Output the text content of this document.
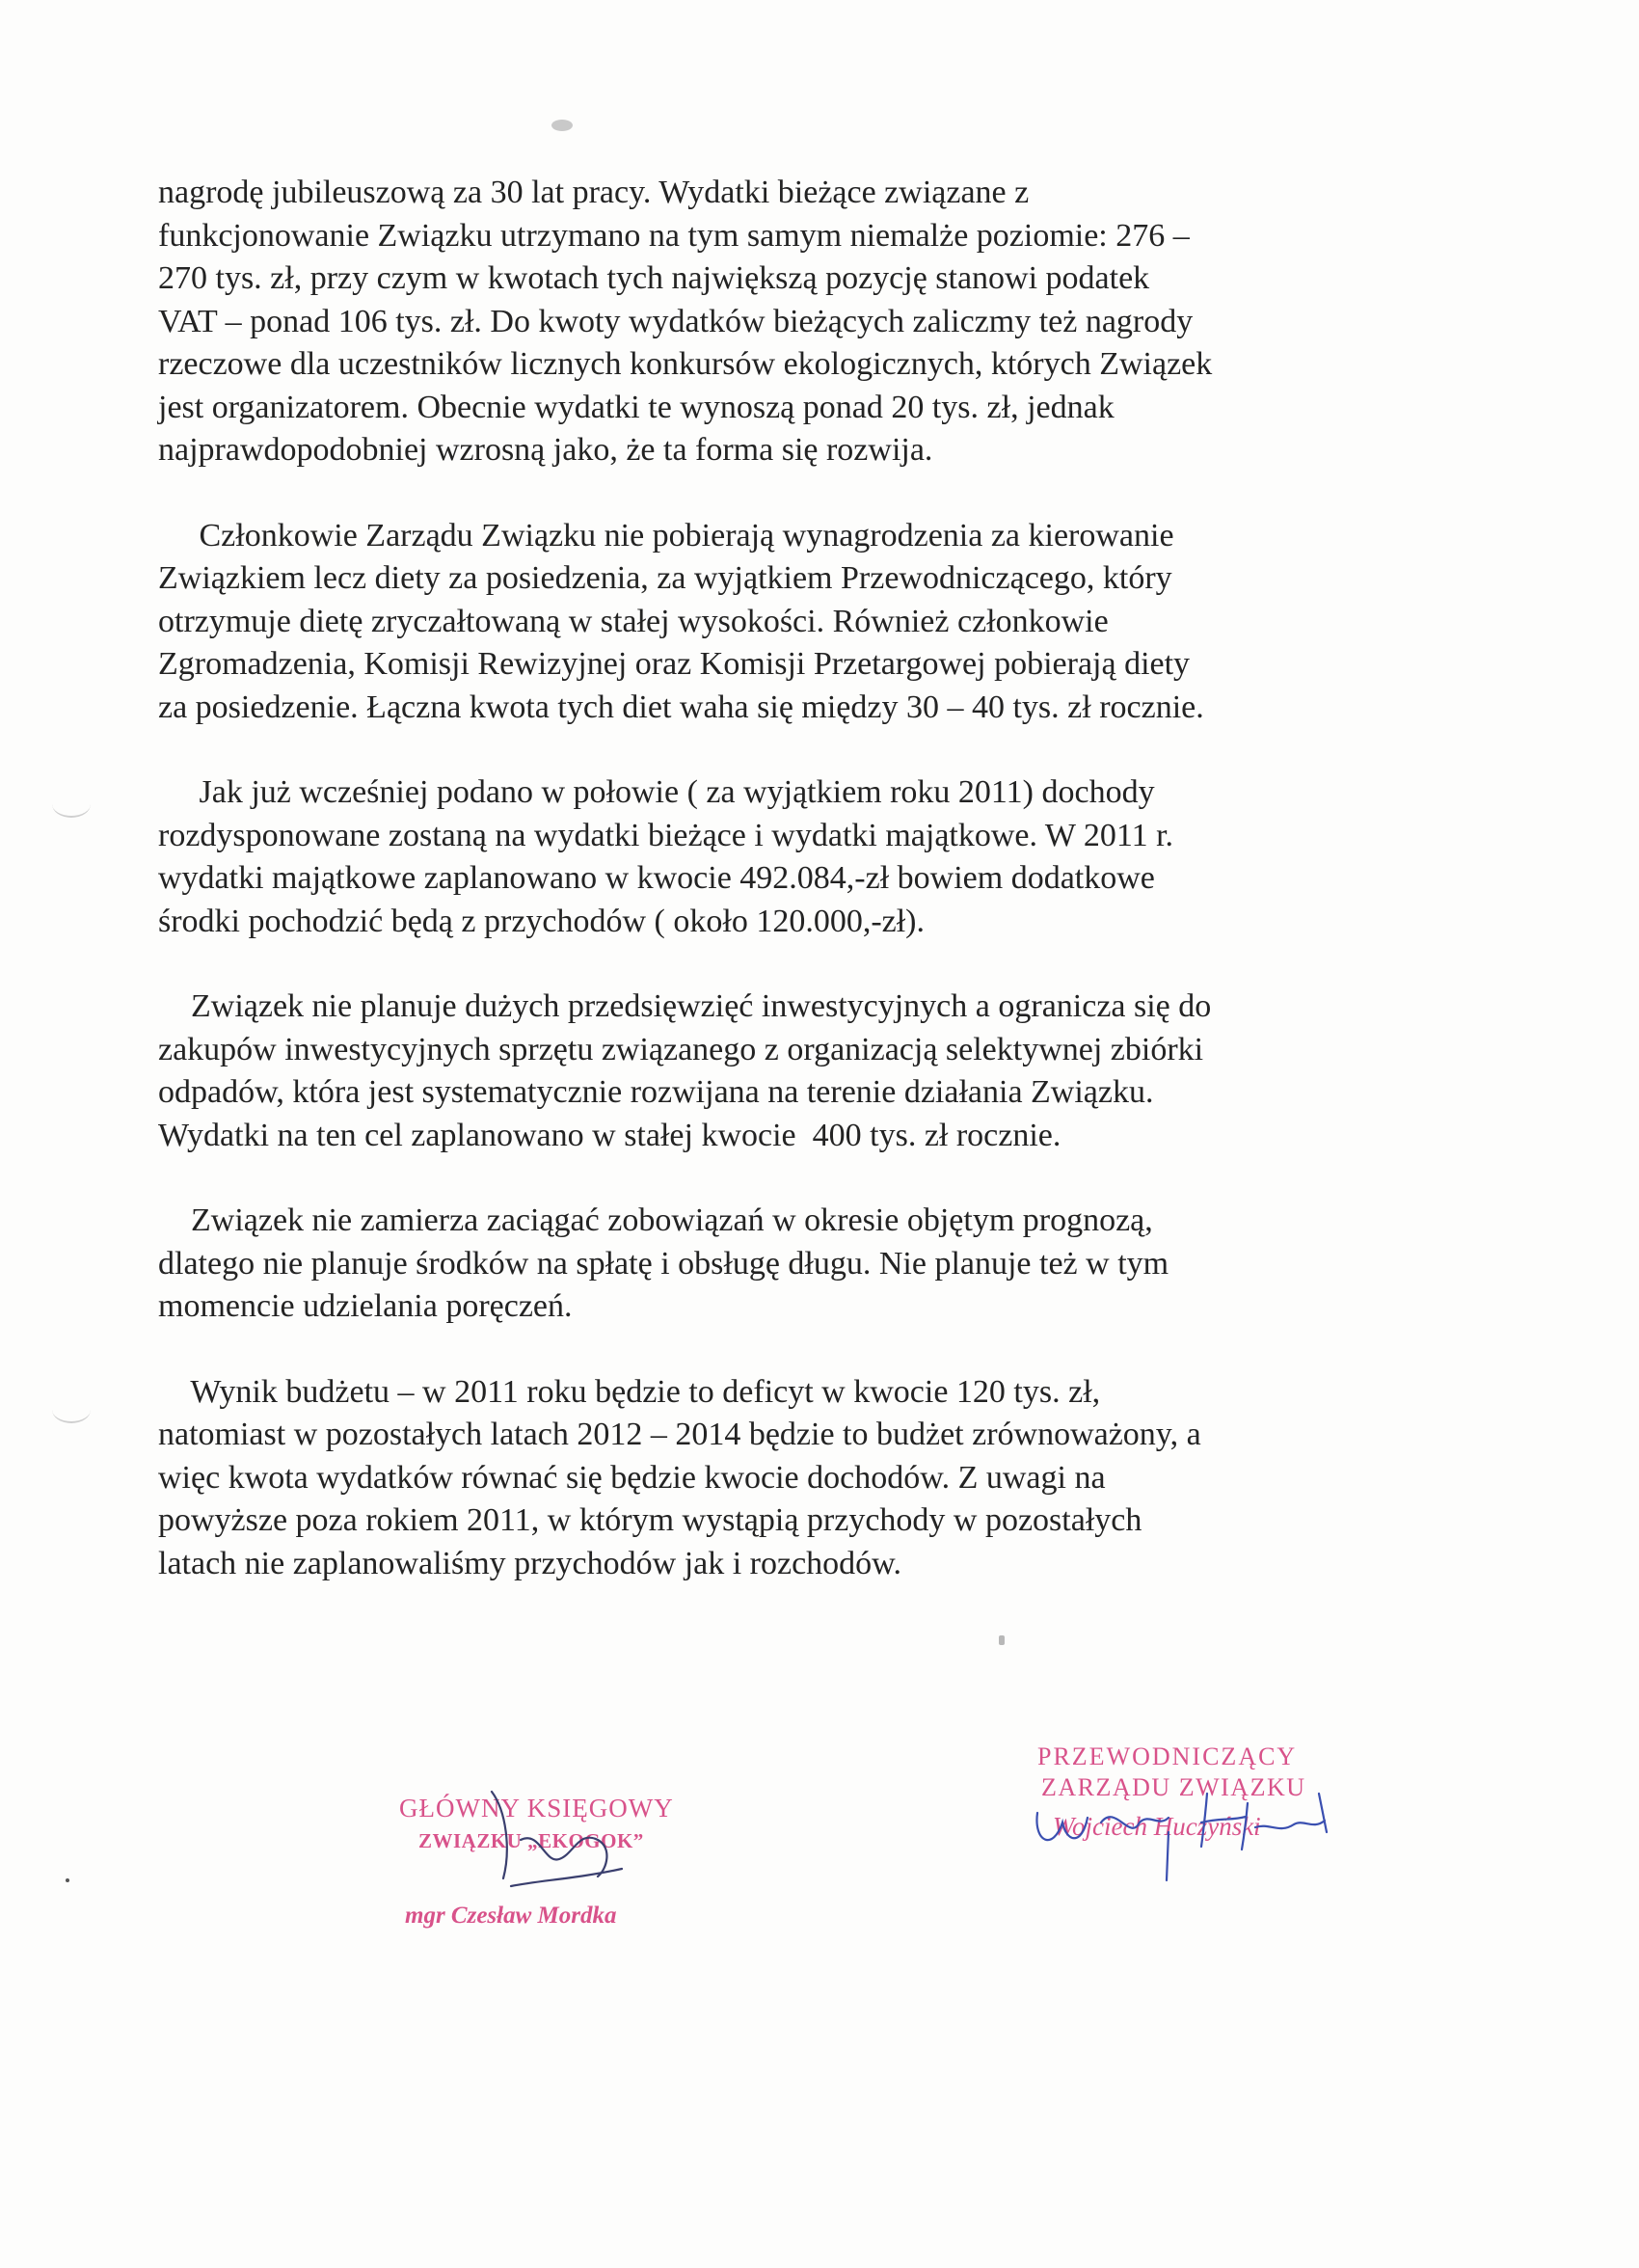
nagrodę jubileuszową za 30 lat pracy. Wydatki bieżące związane z
funkcjonowanie Związku utrzymano na tym samym niemalże poziomie: 276 –
270 tys. zł, przy czym w kwotach tych największą pozycję stanowi podatek
VAT – ponad 106 tys. zł. Do kwoty wydatków bieżących zaliczmy też nagrody
rzeczowe dla uczestników licznych konkursów ekologicznych, których Związek
jest organizatorem. Obecnie wydatki te wynoszą ponad 20 tys. zł, jednak
najprawdopodobniej wzrosną jako, że ta forma się rozwija.

Członkowie Zarządu Związku nie pobierają wynagrodzenia za kierowanie
Związkiem lecz diety za posiedzenia, za wyjątkiem Przewodniczącego, który
otrzymuje dietę zryczałtowaną w stałej wysokości. Również członkowie
Zgromadzenia, Komisji Rewizyjnej oraz Komisji Przetargowej pobierają diety
za posiedzenie. Łączna kwota tych diet waha się między 30 – 40 tys. zł rocznie.

Jak już wcześniej podano w połowie ( za wyjątkiem roku 2011) dochody
rozdysponowane zostaną na wydatki bieżące i wydatki majątkowe. W 2011 r.
wydatki majątkowe zaplanowano w kwocie 492.084,-zł bowiem dodatkowe
środki pochodzić będą z przychodów ( około 120.000,-zł).

Związek nie planuje dużych przedsięwzięć inwestycyjnych a ogranicza się do
zakupów inwestycyjnych sprzętu związanego z organizacją selektywnej zbiórki
odpadów, która jest systematycznie rozwijana na terenie działania Związku.
Wydatki na ten cel zaplanowano w stałej kwocie  400 tys. zł rocznie.

Związek nie zamierza zaciągać zobowiązań w okresie objętym prognozą,
dlatego nie planuje środków na spłatę i obsługę długu. Nie planuje też w tym
momencie udzielania poręczeń.

Wynik budżetu – w 2011 roku będzie to deficyt w kwocie 120 tys. zł,
natomiast w pozostałych latach 2012 – 2014 będzie to budżet zrównoważony, a
więc kwota wydatków równać się będzie kwocie dochodów. Z uwagi na
powyższe poza rokiem 2011, w którym wystąpią przychody w pozostałych
latach nie zaplanowaliśmy przychodów jak i rozchodów.

GŁÓWNY KSIĘGOWY
ZWIĄZKU „EKOGOK”
mgr Czesław Mordka
PRZEWODNICZĄCY
ZARZĄDU ZWIĄZKU
Wojciech Huczyński
